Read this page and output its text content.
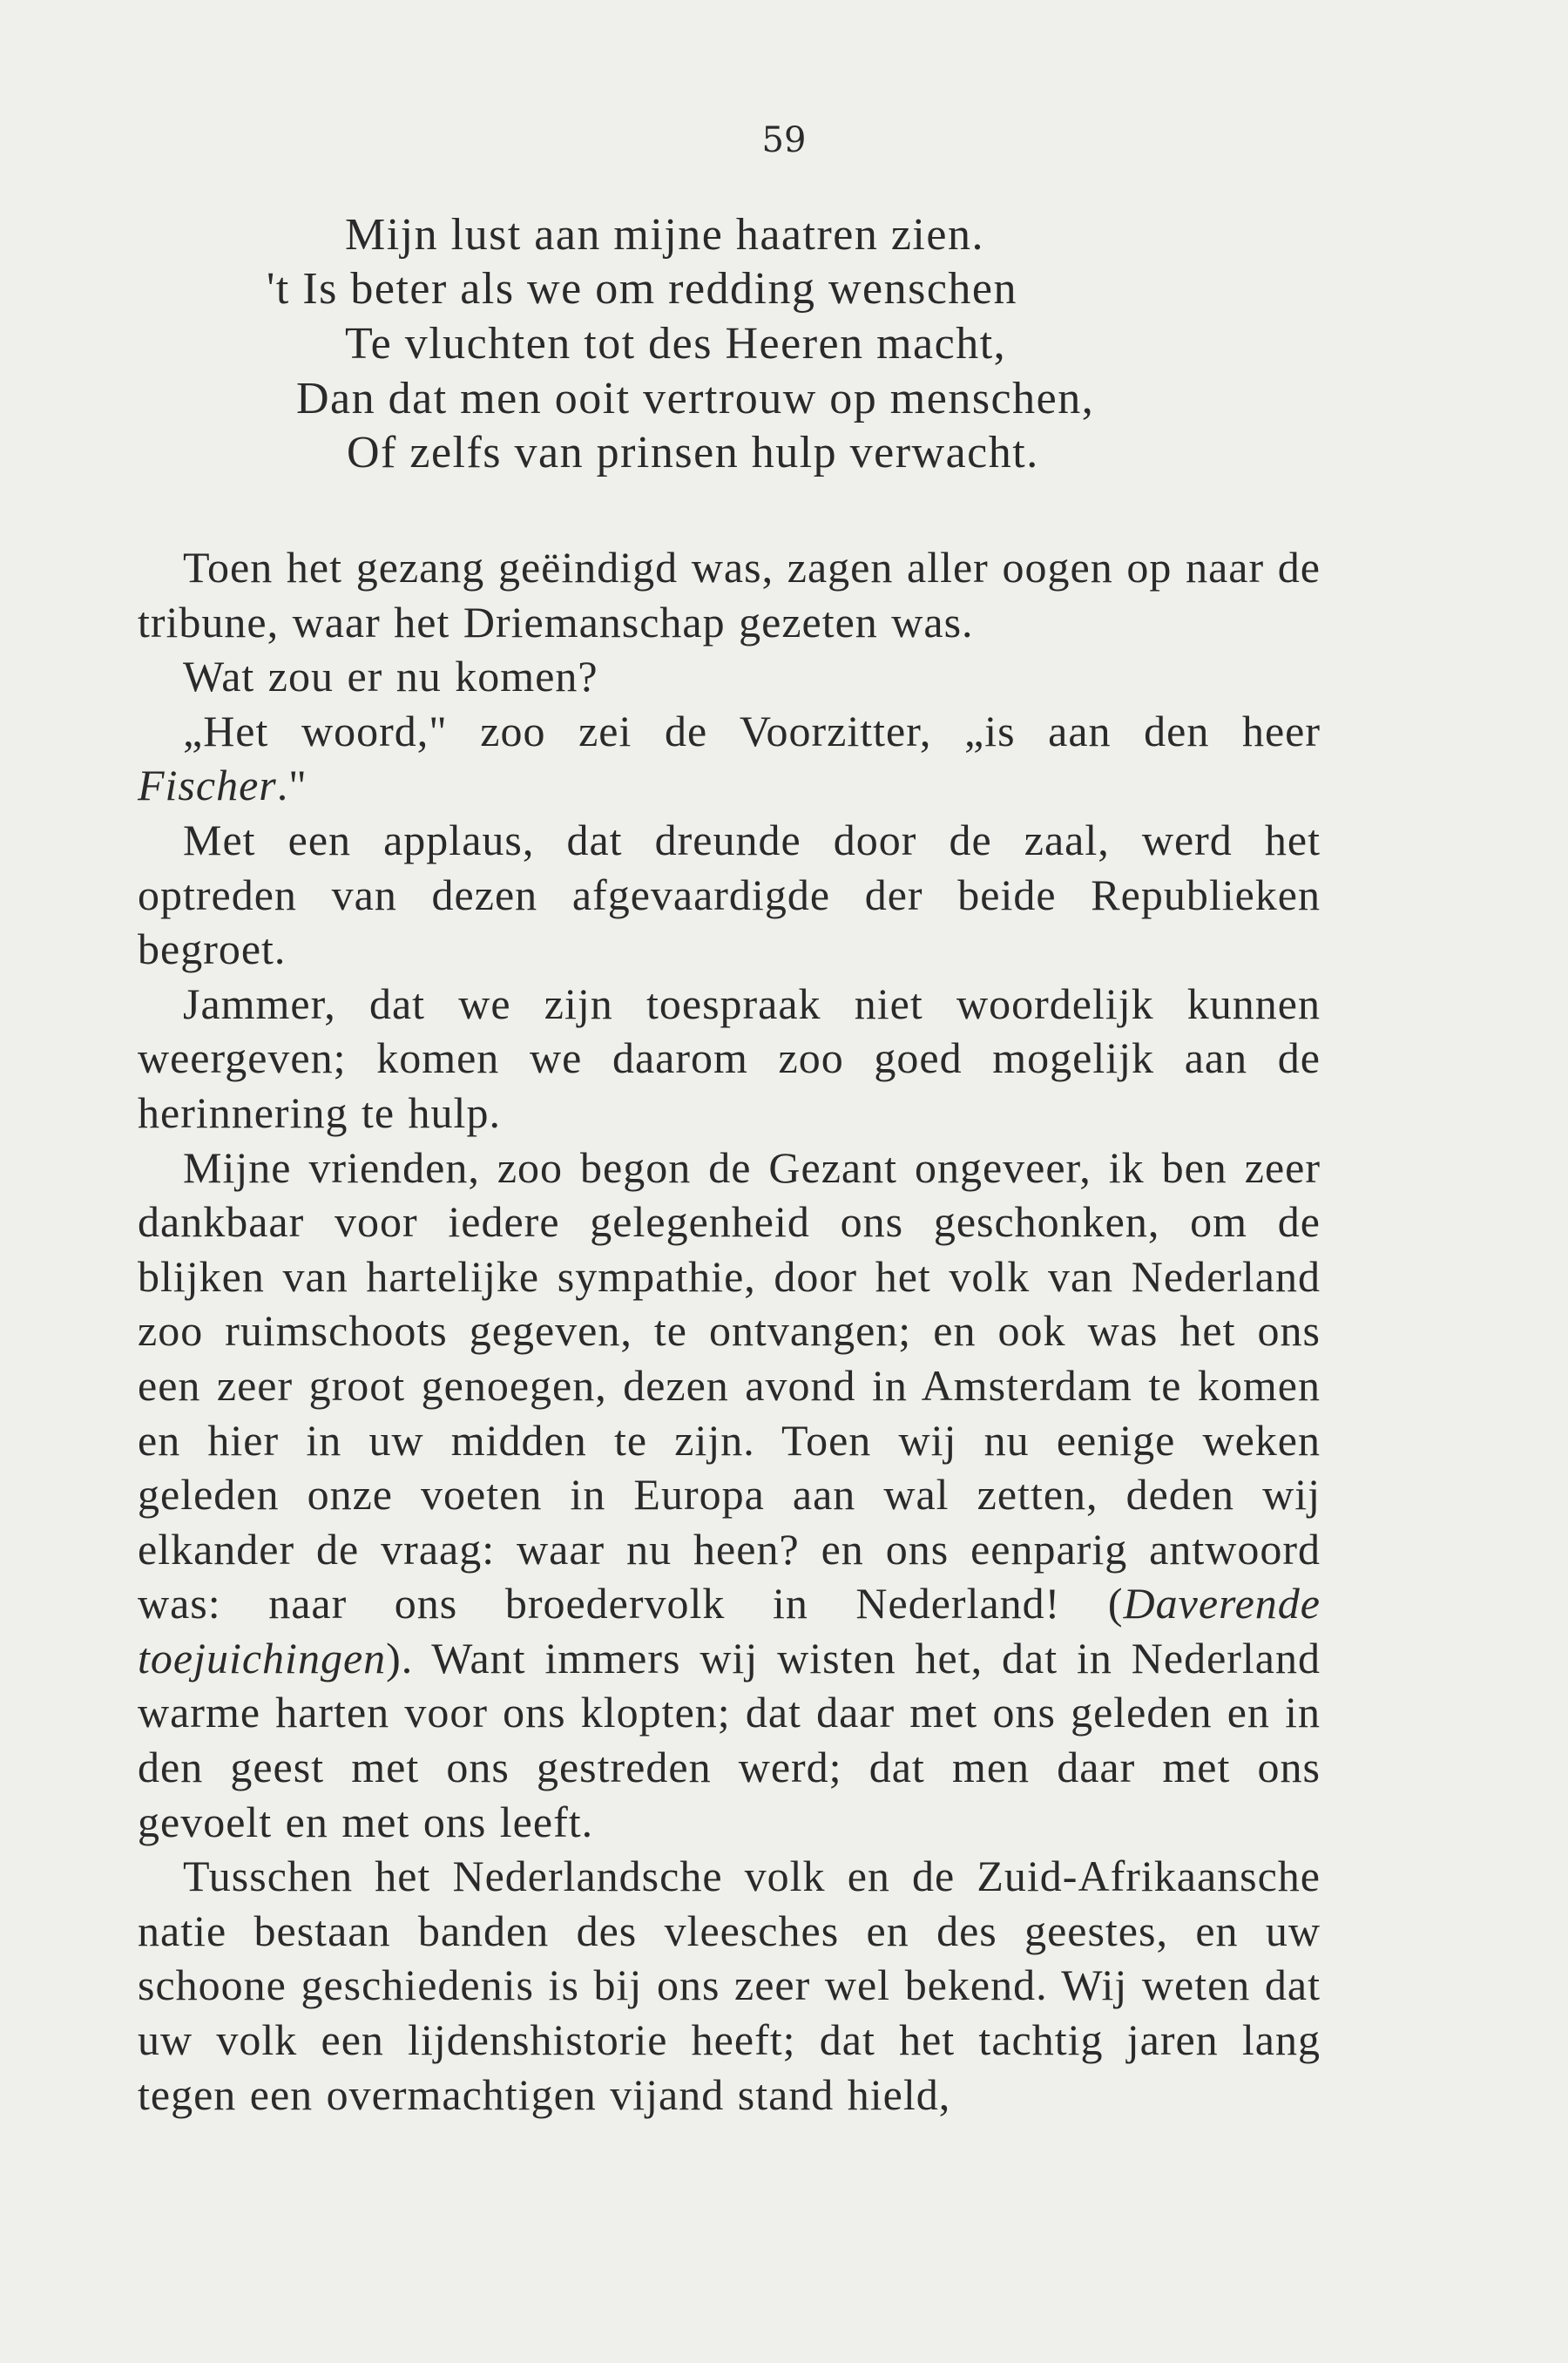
59
Mijn lust aan mijne haatren zien.
't Is beter als we om redding wenschen
Te vluchten tot des Heeren macht,
Dan dat men ooit vertrouw op menschen,
Of zelfs van prinsen hulp verwacht.

Toen het gezang geëindigd was, zagen aller oogen op naar de tribune, waar het Driemanschap gezeten was.

Wat zou er nu komen?

„Het woord," zoo zei de Voorzitter, „is aan den heer Fischer."

Met een applaus, dat dreunde door de zaal, werd het optreden van dezen afgevaardigde der beide Republieken begroet.

Jammer, dat we zijn toespraak niet woordelijk kunnen weergeven; komen we daarom zoo goed mogelijk aan de herinnering te hulp.

Mijne vrienden, zoo begon de Gezant ongeveer, ik ben zeer dankbaar voor iedere gelegenheid ons geschonken, om de blijken van hartelijke sympathie, door het volk van Nederland zoo ruimschoots gegeven, te ontvangen; en ook was het ons een zeer groot genoegen, dezen avond in Amsterdam te komen en hier in uw midden te zijn. Toen wij nu eenige weken geleden onze voeten in Europa aan wal zetten, deden wij elkander de vraag: waar nu heen? en ons eenparig antwoord was: naar ons broedervolk in Nederland! (Daverende toejuichingen). Want immers wij wisten het, dat in Nederland warme harten voor ons klopten; dat daar met ons geleden en in den geest met ons gestreden werd; dat men daar met ons gevoelt en met ons leeft.

Tusschen het Nederlandsche volk en de Zuid-Afrikaansche natie bestaan banden des vleesches en des geestes, en uw schoone geschiedenis is bij ons zeer wel bekend. Wij weten dat uw volk een lijdenshistorie heeft; dat het tachtig jaren lang tegen een overmachtigen vijand stand hield,
